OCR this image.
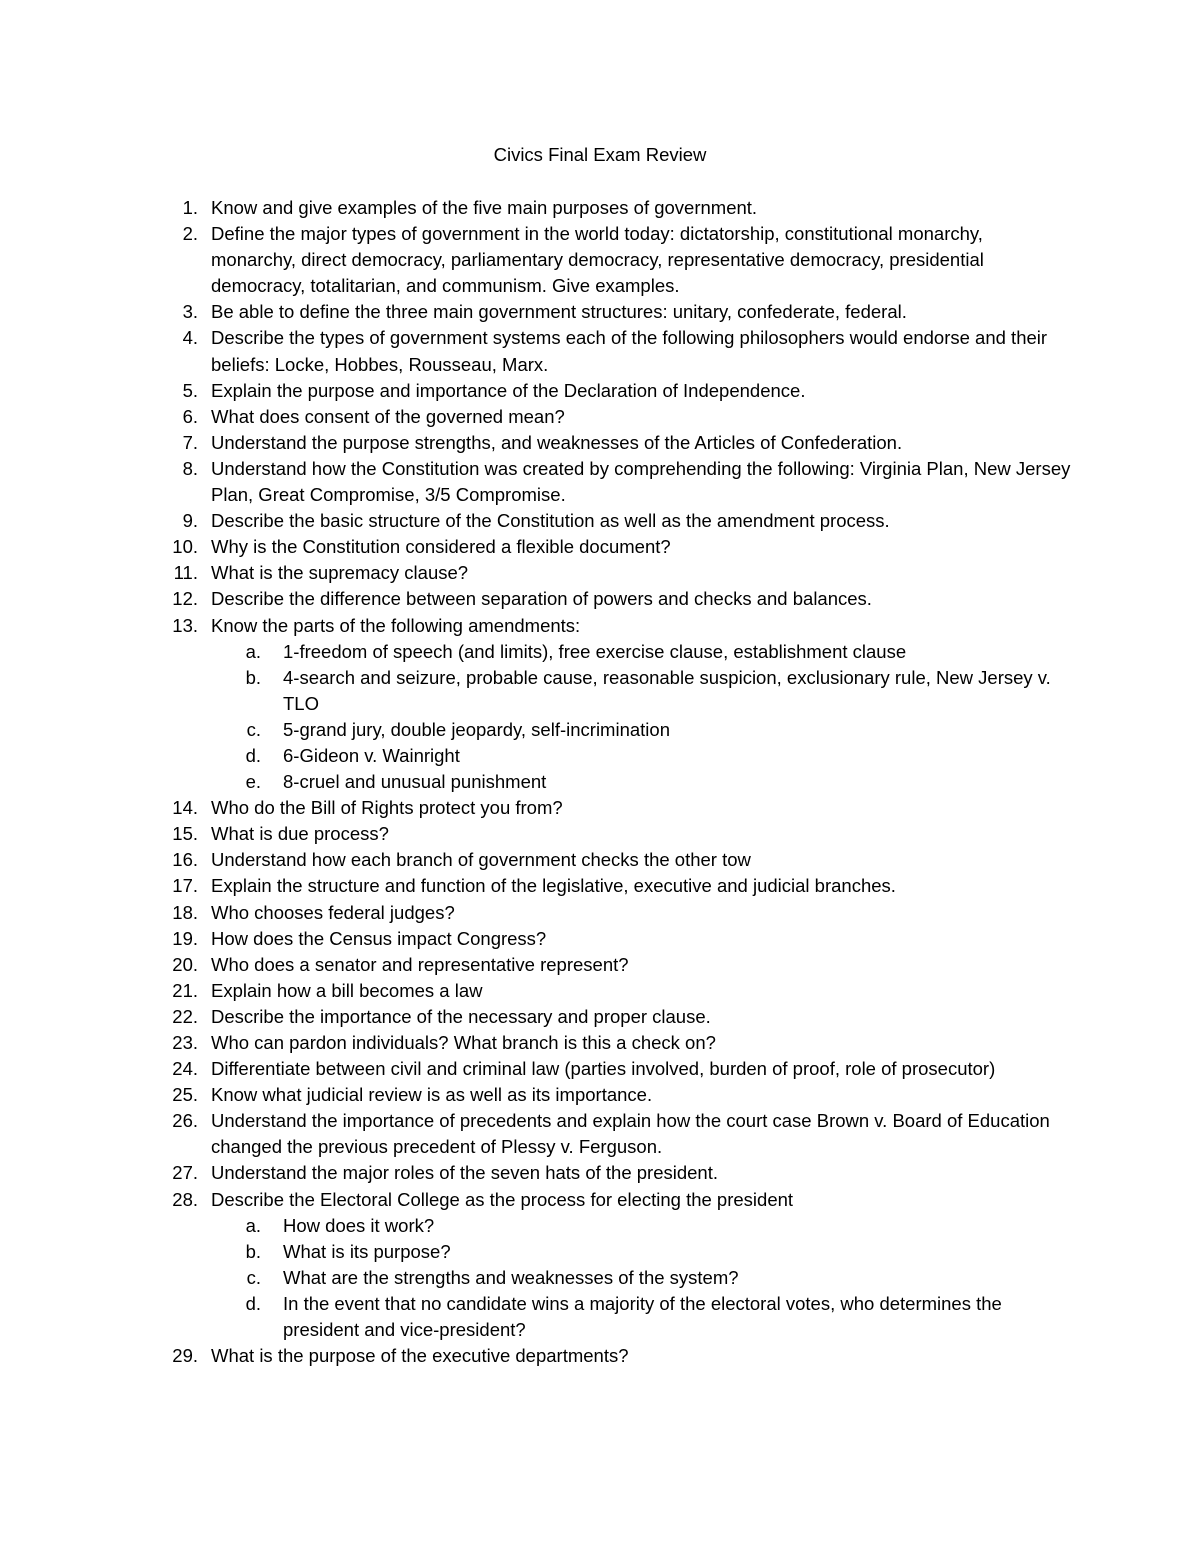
Civics Final Exam Review
1. Know and give examples of the five main purposes of government.
2. Define the major types of government in the world today: dictatorship, constitutional monarchy, monarchy, direct democracy, parliamentary democracy, representative democracy, presidential democracy, totalitarian, and communism. Give examples.
3. Be able to define the three main government structures: unitary, confederate, federal.
4. Describe the types of government systems each of the following philosophers would endorse and their beliefs: Locke, Hobbes, Rousseau, Marx.
5. Explain the purpose and importance of the Declaration of Independence.
6. What does consent of the governed mean?
7. Understand the purpose strengths, and weaknesses of the Articles of Confederation.
8. Understand how the Constitution was created by comprehending the following: Virginia Plan, New Jersey Plan, Great Compromise, 3/5 Compromise.
9. Describe the basic structure of the Constitution as well as the amendment process.
10. Why is the Constitution considered a flexible document?
11. What is the supremacy clause?
12. Describe the difference between separation of powers and checks and balances.
13. Know the parts of the following amendments:
a. 1-freedom of speech (and limits), free exercise clause, establishment clause
b. 4-search and seizure, probable cause, reasonable suspicion, exclusionary rule, New Jersey v. TLO
c. 5-grand jury, double jeopardy, self-incrimination
d. 6-Gideon v. Wainright
e. 8-cruel and unusual punishment
14. Who do the Bill of Rights protect you from?
15. What is due process?
16. Understand how each branch of government checks the other tow
17. Explain the structure and function of the legislative, executive and judicial branches.
18. Who chooses federal judges?
19. How does the Census impact Congress?
20. Who does a senator and representative represent?
21. Explain how a bill becomes a law
22. Describe the importance of the necessary and proper clause.
23. Who can pardon individuals? What branch is this a check on?
24. Differentiate between civil and criminal law (parties involved, burden of proof, role of prosecutor)
25. Know what judicial review is as well as its importance.
26. Understand the importance of precedents and explain how the court case Brown v. Board of Education changed the previous precedent of Plessy v. Ferguson.
27. Understand the major roles of the seven hats of the president.
28. Describe the Electoral College as the process for electing the president
a. How does it work?
b. What is its purpose?
c. What are the strengths and weaknesses of the system?
d. In the event that no candidate wins a majority of the electoral votes, who determines the president and vice-president?
29. What is the purpose of the executive departments?
